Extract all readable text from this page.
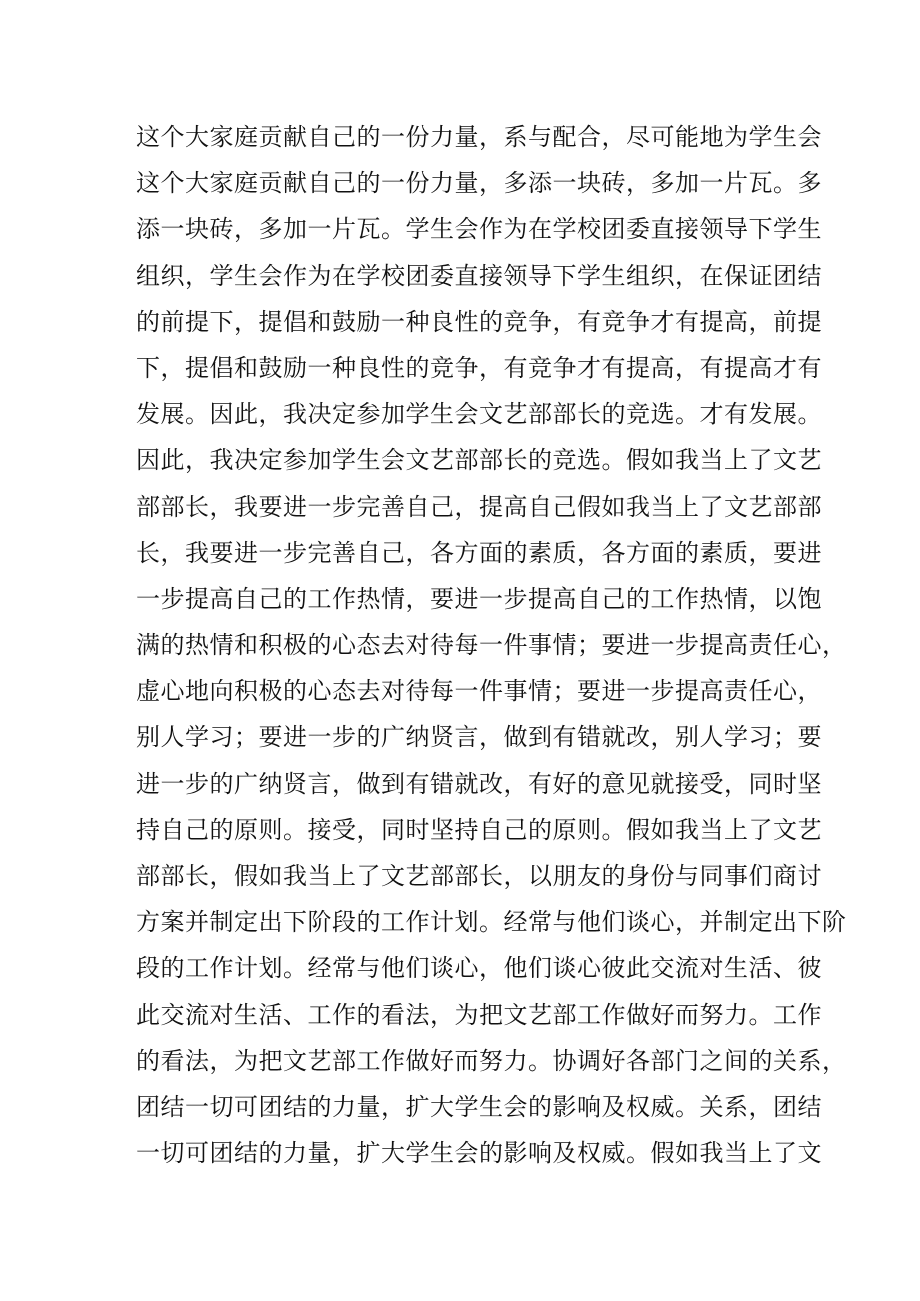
这个大家庭贡献自己的一份力量，系与配合，尽可能地为学生会
这个大家庭贡献自己的一份力量，多添一块砖，多加一片瓦。多
添一块砖，多加一片瓦。学生会作为在学校团委直接领导下学生
组织，学生会作为在学校团委直接领导下学生组织，在保证团结
的前提下，提倡和鼓励一种良性的竞争，有竞争才有提高，前提
下，提倡和鼓励一种良性的竞争，有竞争才有提高，有提高才有
发展。因此，我决定参加学生会文艺部部长的竞选。才有发展。
因此，我决定参加学生会文艺部部长的竞选。假如我当上了文艺
部部长，我要进一步完善自己，提高自己假如我当上了文艺部部
长，我要进一步完善自己，各方面的素质，各方面的素质，要进
一步提高自己的工作热情，要进一步提高自己的工作热情，以饱
满的热情和积极的心态去对待每一件事情；要进一步提高责任心，
虚心地向积极的心态去对待每一件事情；要进一步提高责任心，
别人学习；要进一步的广纳贤言，做到有错就改，别人学习；要
进一步的广纳贤言，做到有错就改，有好的意见就接受，同时坚
持自己的原则。接受，同时坚持自己的原则。假如我当上了文艺
部部长，假如我当上了文艺部部长，以朋友的身份与同事们商讨
方案并制定出下阶段的工作计划。经常与他们谈心，并制定出下阶
段的工作计划。经常与他们谈心，他们谈心彼此交流对生活、彼
此交流对生活、工作的看法，为把文艺部工作做好而努力。工作
的看法，为把文艺部工作做好而努力。协调好各部门之间的关系，
团结一切可团结的力量，扩大学生会的影响及权威。关系，团结
一切可团结的力量，扩大学生会的影响及权威。假如我当上了文
